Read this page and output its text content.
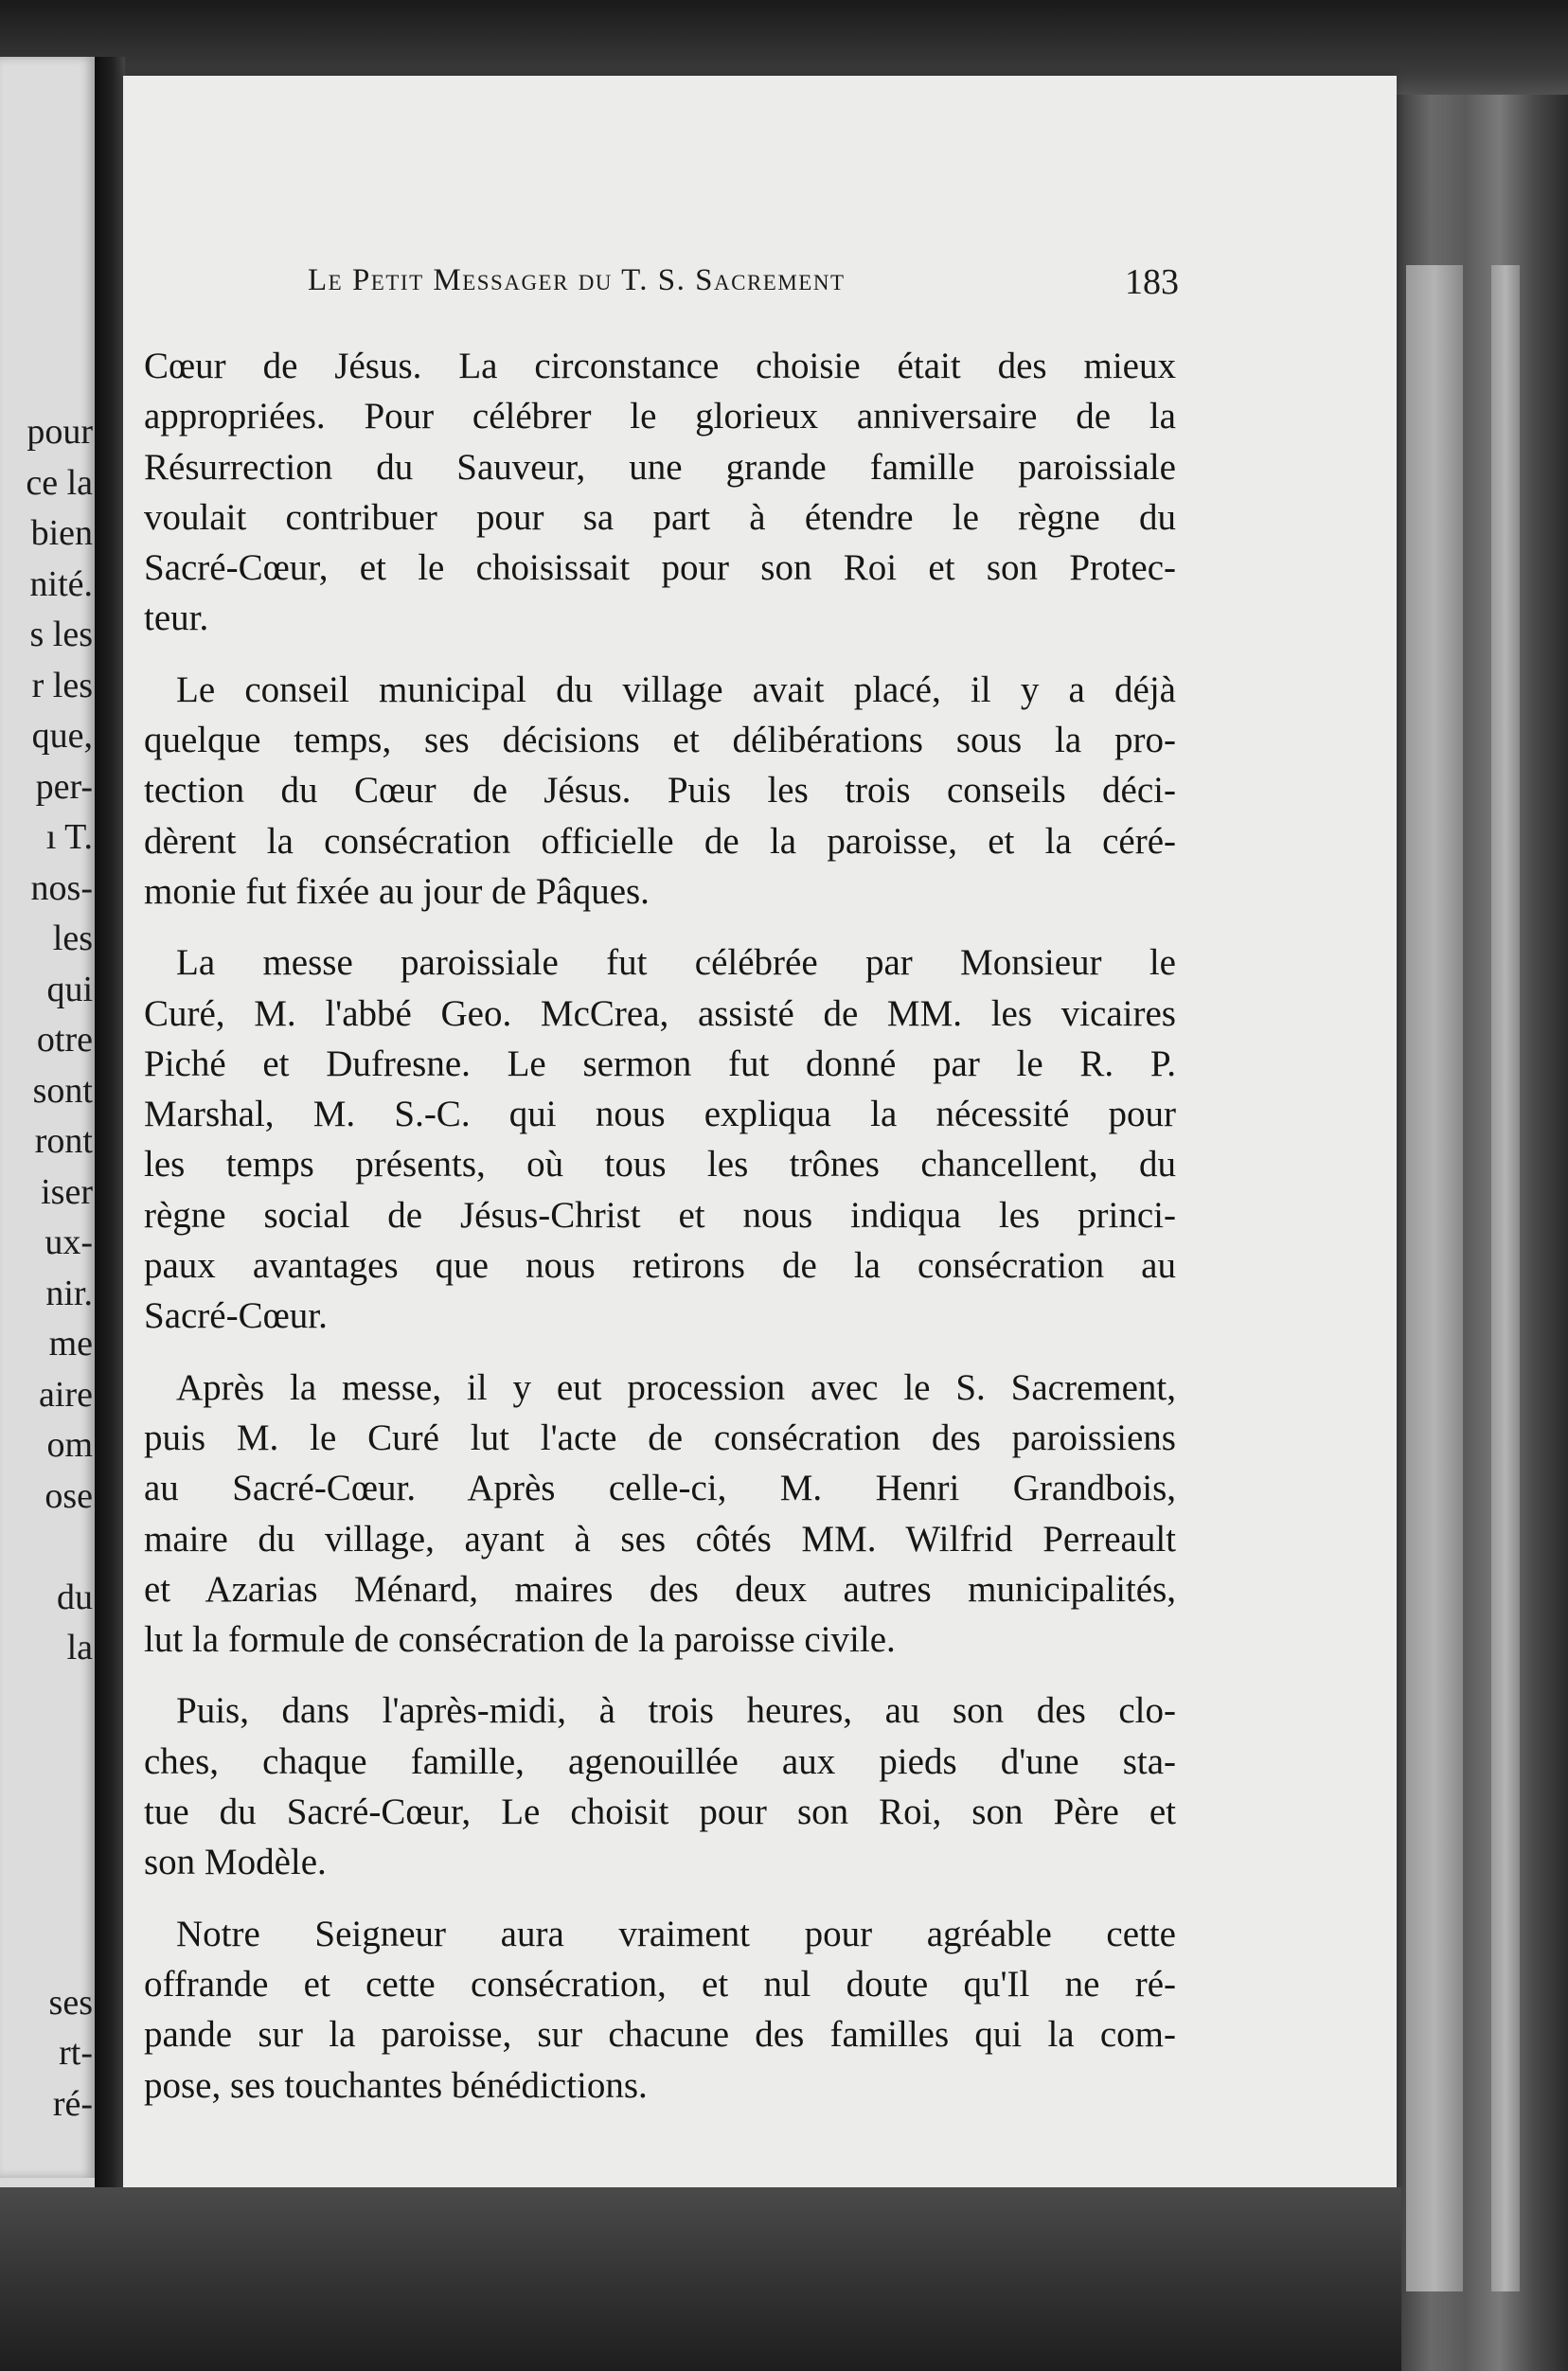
pour
ce la
bien
nité.
s les
r les
que,
per-
ı T.
nos-
les
qui
otre
sont
ront
iser
ux-
nir.
me
aire
om
ose
du
la
ses
rt-
ré-
Le Petit Messager du T. S. Sacrement	183
Cœur de Jésus. La circonstance choisie était des mieux
appropriées. Pour célébrer le glorieux anniversaire de la
Résurrection du Sauveur, une grande famille paroissiale
voulait contribuer pour sa part à étendre le règne du
Sacré-Cœur, et le choisissait pour son Roi et son Protec-
teur.
Le conseil municipal du village avait placé, il y a déjà
quelque temps, ses décisions et délibérations sous la pro-
tection du Cœur de Jésus. Puis les trois conseils déci-
dèrent la consécration officielle de la paroisse, et la céré-
monie fut fixée au jour de Pâques.
La messe paroissiale fut célébrée par Monsieur le
Curé, M. l'abbé Geo. McCrea, assisté de MM. les vicaires
Piché et Dufresne. Le sermon fut donné par le R. P.
Marshal, M. S.-C. qui nous expliqua la nécessité pour
les temps présents, où tous les trônes chancellent, du
règne social de Jésus-Christ et nous indiqua les princi-
paux avantages que nous retirons de la consécration au
Sacré-Cœur.
Après la messe, il y eut procession avec le S. Sacrement,
puis M. le Curé lut l'acte de consécration des paroissiens
au Sacré-Cœur. Après celle-ci, M. Henri Grandbois,
maire du village, ayant à ses côtés MM. Wilfrid Perreault
et Azarias Ménard, maires des deux autres municipalités,
lut la formule de consécration de la paroisse civile.
Puis, dans l'après-midi, à trois heures, au son des clo-
ches, chaque famille, agenouillée aux pieds d'une sta-
tue du Sacré-Cœur, Le choisit pour son Roi, son Père et
son Modèle.
Notre Seigneur aura vraiment pour agréable cette
offrande et cette consécration, et nul doute qu'Il ne ré-
pande sur la paroisse, sur chacune des familles qui la com-
pose, ses touchantes bénédictions.
